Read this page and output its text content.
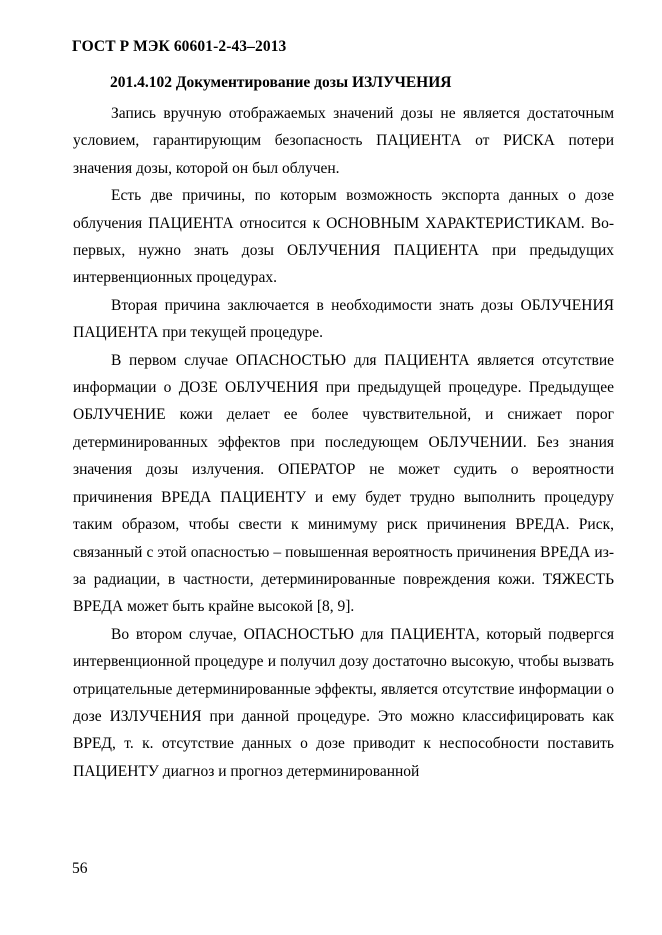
ГОСТ Р МЭК 60601-2-43–2013
201.4.102 Документирование дозы ИЗЛУЧЕНИЯ

Запись вручную отображаемых значений дозы не является достаточным условием, гарантирующим безопасность ПАЦИЕНТА от РИСКА потери значения дозы, которой он был облучен.

Есть две причины, по которым возможность экспорта данных о дозе облучения ПАЦИЕНТА относится к ОСНОВНЫМ ХАРАКТЕРИСТИКАМ. Во-первых, нужно знать дозы ОБЛУЧЕНИЯ ПАЦИЕНТА при предыдущих интервенционных процедурах.

Вторая причина заключается в необходимости знать дозы ОБЛУЧЕНИЯ ПАЦИЕНТА при текущей процедуре.

В первом случае ОПАСНОСТЬЮ для ПАЦИЕНТА является отсутствие информации о ДОЗЕ ОБЛУЧЕНИЯ при предыдущей процедуре. Предыдущее ОБЛУЧЕНИЕ кожи делает ее более чувствительной, и снижает порог детерминированных эффектов при последующем ОБЛУЧЕНИИ. Без знания значения дозы излучения. ОПЕРАТОР не может судить о вероятности причинения ВРЕДА ПАЦИЕНТУ и ему будет трудно выполнить процедуру таким образом, чтобы свести к минимуму риск причинения ВРЕДА. Риск, связанный с этой опасностью – повышенная вероятность причинения ВРЕДА из-за радиации, в частности, детерминированные повреждения кожи. ТЯЖЕСТЬ ВРЕДА может быть крайне высокой [8, 9].

Во втором случае, ОПАСНОСТЬЮ для ПАЦИЕНТА, который подвергся интервенционной процедуре и получил дозу достаточно высокую, чтобы вызвать отрицательные детерминированные эффекты, является отсутствие информации о дозе ИЗЛУЧЕНИЯ при данной процедуре. Это можно классифицировать как ВРЕД, т. к. отсутствие данных о дозе приводит к неспособности поставить ПАЦИЕНТУ диагноз и прогноз детерминированной

56
